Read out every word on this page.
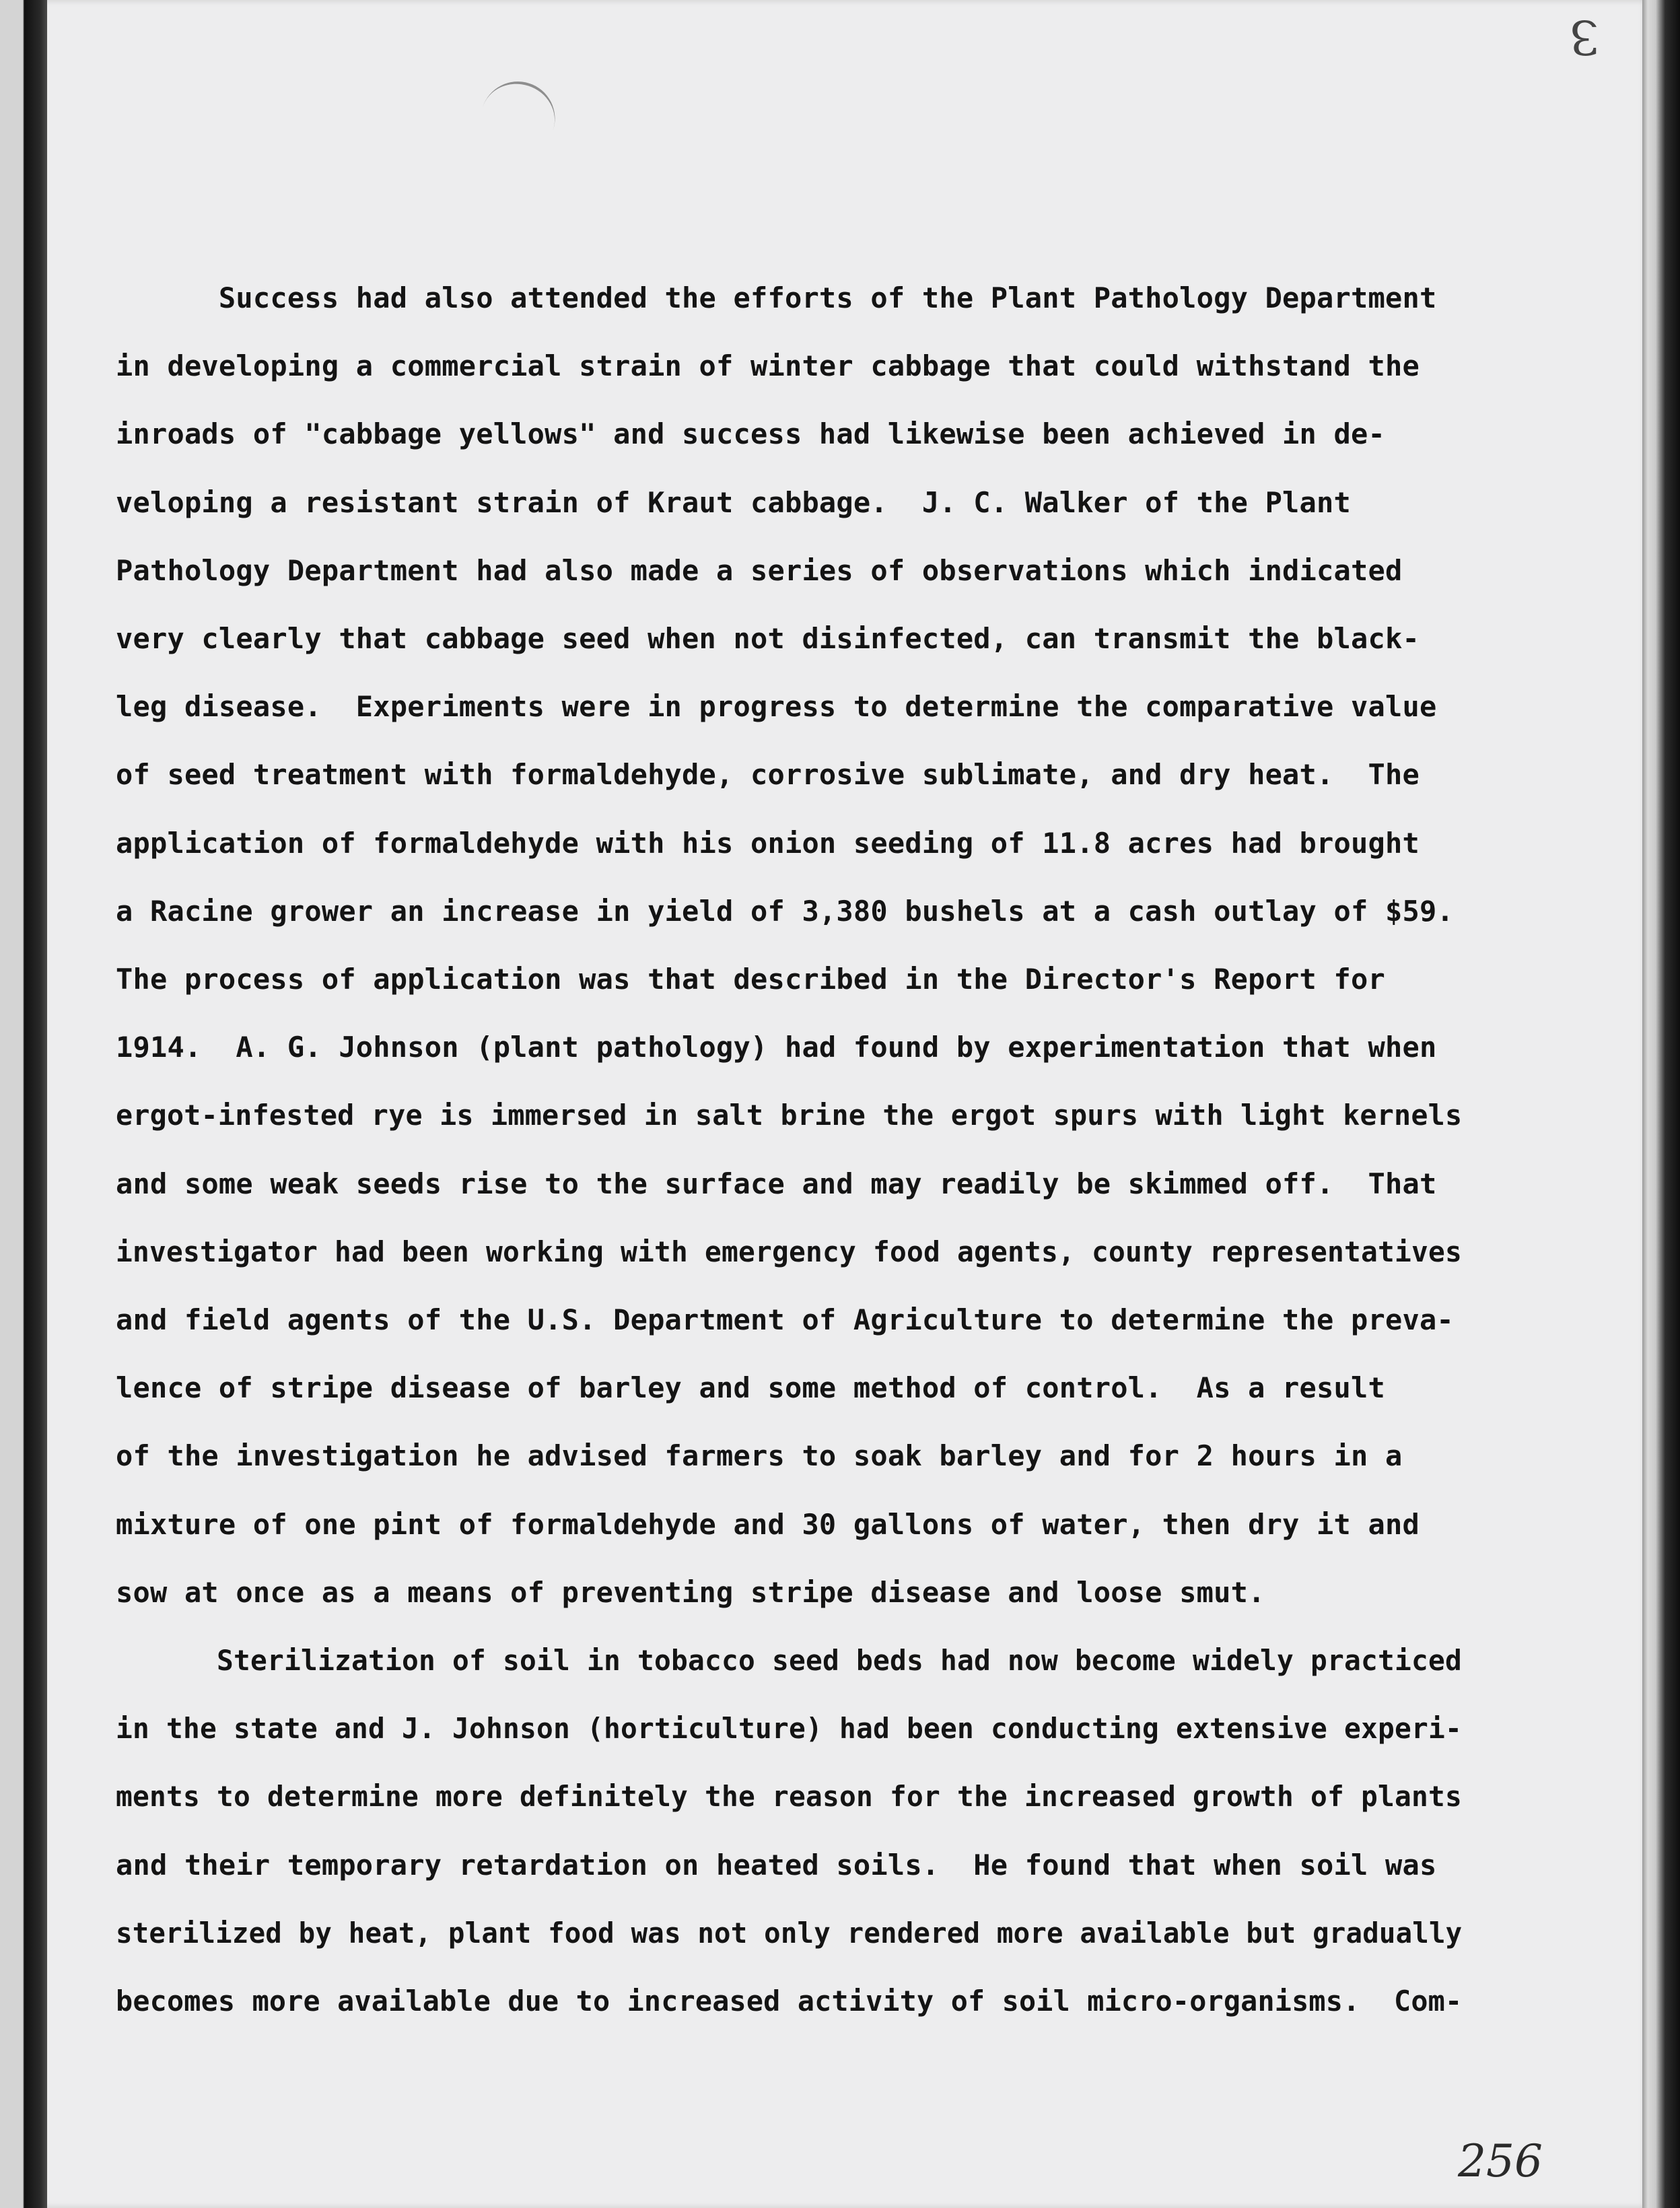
Ɛ
Success had also attended the efforts of the Plant Pathology Department
in developing a commercial strain of winter cabbage that could withstand the
inroads of "cabbage yellows" and success had likewise been achieved in de-
veloping a resistant strain of Kraut cabbage.  J. C. Walker of the Plant
Pathology Department had also made a series of observations which indicated
very clearly that cabbage seed when not disinfected, can transmit the black-
leg disease.  Experiments were in progress to determine the comparative value
of seed treatment with formaldehyde, corrosive sublimate, and dry heat.  The
application of formaldehyde with his onion seeding of 11.8 acres had brought
a Racine grower an increase in yield of 3,380 bushels at a cash outlay of $59.
The process of application was that described in the Director's Report for
1914.  A. G. Johnson (plant pathology) had found by experimentation that when
ergot-infested rye is immersed in salt brine the ergot spurs with light kernels
and some weak seeds rise to the surface and may readily be skimmed off.  That
investigator had been working with emergency food agents, county representatives
and field agents of the U.S. Department of Agriculture to determine the preva-
lence of stripe disease of barley and some method of control.  As a result
of the investigation he advised farmers to soak barley and for 2 hours in a
mixture of one pint of formaldehyde and 30 gallons of water, then dry it and
sow at once as a means of preventing stripe disease and loose smut.
Sterilization of soil in tobacco seed beds had now become widely practiced
in the state and J. Johnson (horticulture) had been conducting extensive experi-
ments to determine more definitely the reason for the increased growth of plants
and their temporary retardation on heated soils.  He found that when soil was
sterilized by heat, plant food was not only rendered more available but gradually
becomes more available due to increased activity of soil micro-organisms.  Com-
256
